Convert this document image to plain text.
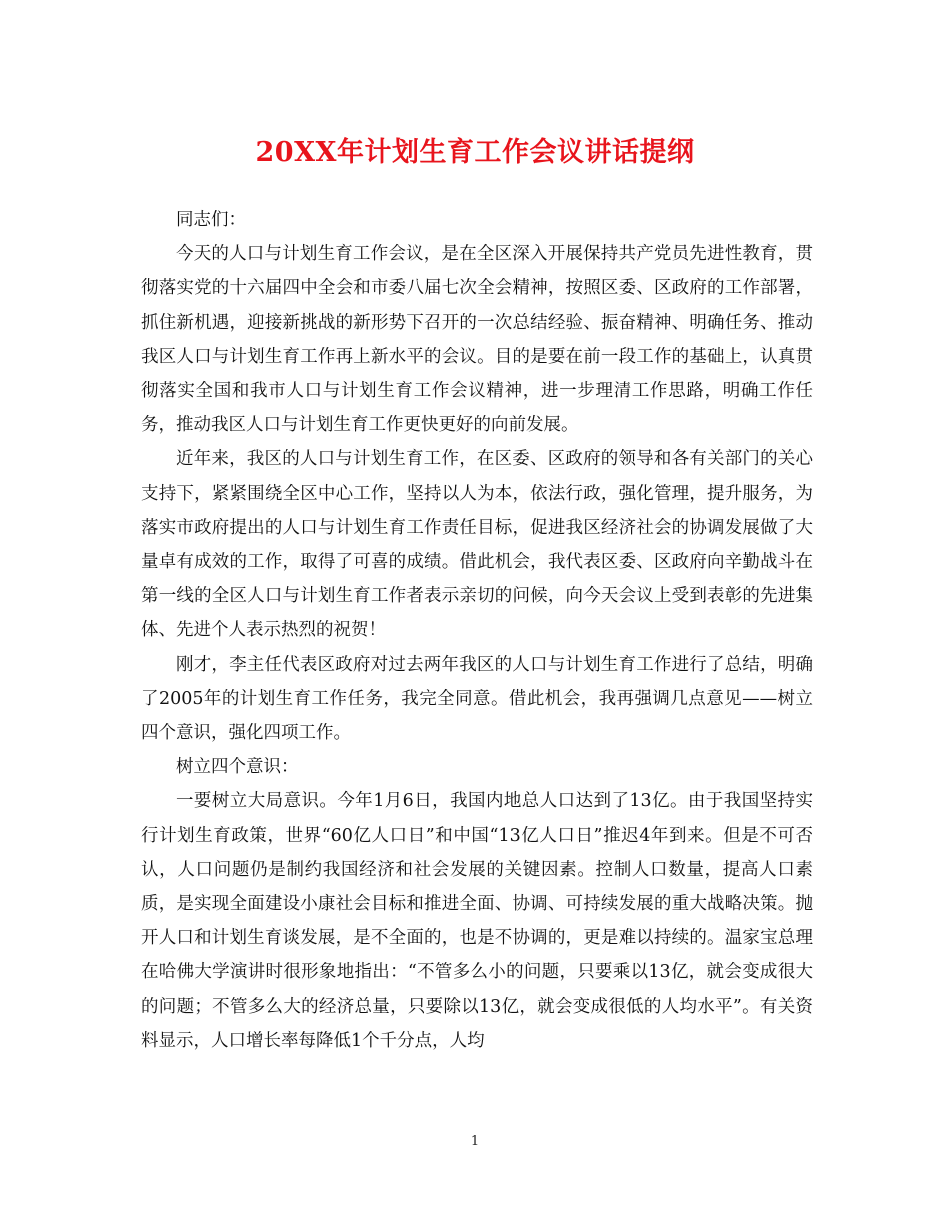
20XX年计划生育工作会议讲话提纲

同志们：

今天的人口与计划生育工作会议，是在全区深入开展保持共产党员先进性教育，贯彻落实党的十六届四中全会和市委八届七次全会精神，按照区委、区政府的工作部署，抓住新机遇，迎接新挑战的新形势下召开的一次总结经验、振奋精神、明确任务、推动我区人口与计划生育工作再上新水平的会议。目的是要在前一段工作的基础上，认真贯彻落实全国和我市人口与计划生育工作会议精神，进一步理清工作思路，明确工作任务，推动我区人口与计划生育工作更快更好的向前发展。

近年来，我区的人口与计划生育工作，在区委、区政府的领导和各有关部门的关心支持下，紧紧围绕全区中心工作，坚持以人为本，依法行政，强化管理，提升服务，为落实市政府提出的人口与计划生育工作责任目标，促进我区经济社会的协调发展做了大量卓有成效的工作，取得了可喜的成绩。借此机会，我代表区委、区政府向辛勤战斗在第一线的全区人口与计划生育工作者表示亲切的问候，向今天会议上受到表彰的先进集体、先进个人表示热烈的祝贺！

刚才，李主任代表区政府对过去两年我区的人口与计划生育工作进行了总结，明确了2005年的计划生育工作任务，我完全同意。借此机会，我再强调几点意见——树立四个意识，强化四项工作。

树立四个意识：

一要树立大局意识。今年1月6日，我国内地总人口达到了13亿。由于我国坚持实行计划生育政策，世界“60亿人口日”和中国“13亿人口日”推迟4年到来。但是不可否认，人口问题仍是制约我国经济和社会发展的关键因素。控制人口数量，提高人口素质，是实现全面建设小康社会目标和推进全面、协调、可持续发展的重大战略决策。抛开人口和计划生育谈发展，是不全面的，也是不协调的，更是难以持续的。温家宝总理在哈佛大学演讲时很形象地指出：“不管多么小的问题，只要乘以13亿，就会变成很大的问题；不管多么大的经济总量，只要除以13亿，就会变成很低的人均水平”。有关资料显示，人口增长率每降低1个千分点，人均

1
